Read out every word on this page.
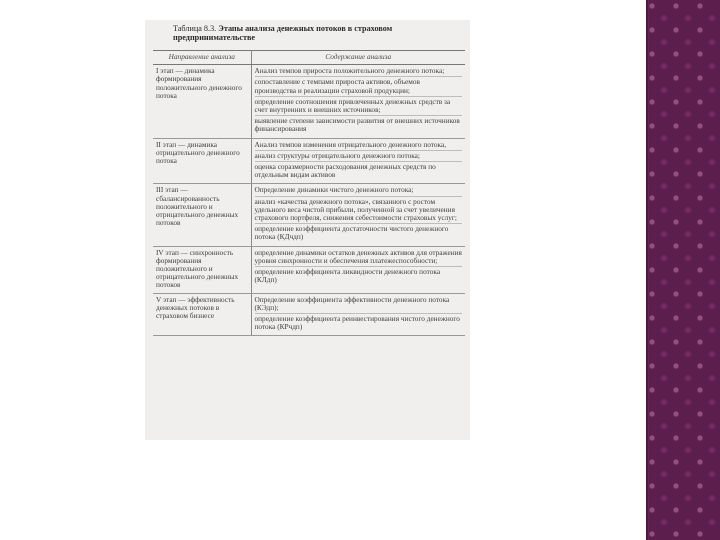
Таблица 8.3. Этапы анализа денежных потоков в страховом предпринимательстве
Направление анализа	Содержание анализа
I этап — динамика формирования положительного денежного потока	Анализ темпов прироста положительного денежного потока;
сопоставление с темпами прироста активов, объемов производства и реализации страховой продукции;
определение соотношения привлеченных денежных средств за счет внутренних и внешних источников;
выявление степени зависимости развития от внешних источников финансирования

II этап — динамика отрицательного денежного потока	Анализ темпов изменения отрицательного денежного потока,
анализ структуры отрицательного денежного потока;
оценка соразмерности расходования денежных средств по отдельным видам активов

III этап — сбалансированность положительного и отрицательного денежных потоков	Определение динамики чистого денежного потока;
анализ «качества денежного потока», связанного с ростом удельного веса чистой прибыли, полученной за счет увеличения страхового портфеля, снижения себестоимости страховых услуг;
определение коэффициента достаточности чистого денежного потока (КДчдп)

IV этап — синхронность формирования положительного и отрицательного денежных потоков	определение динамики остатков денежных активов для отражения уровня синхронности и обеспечения платежеспособности;
определение коэффициента ликвидности денежного потока (КЛдп)

V этап — эффективность денежных потоков в страховом бизнесе	Определение коэффициента эффективности денежного потока (КЭдп);
определение коэффициента реинвестирования чистого денежного потока (КРчдп)
